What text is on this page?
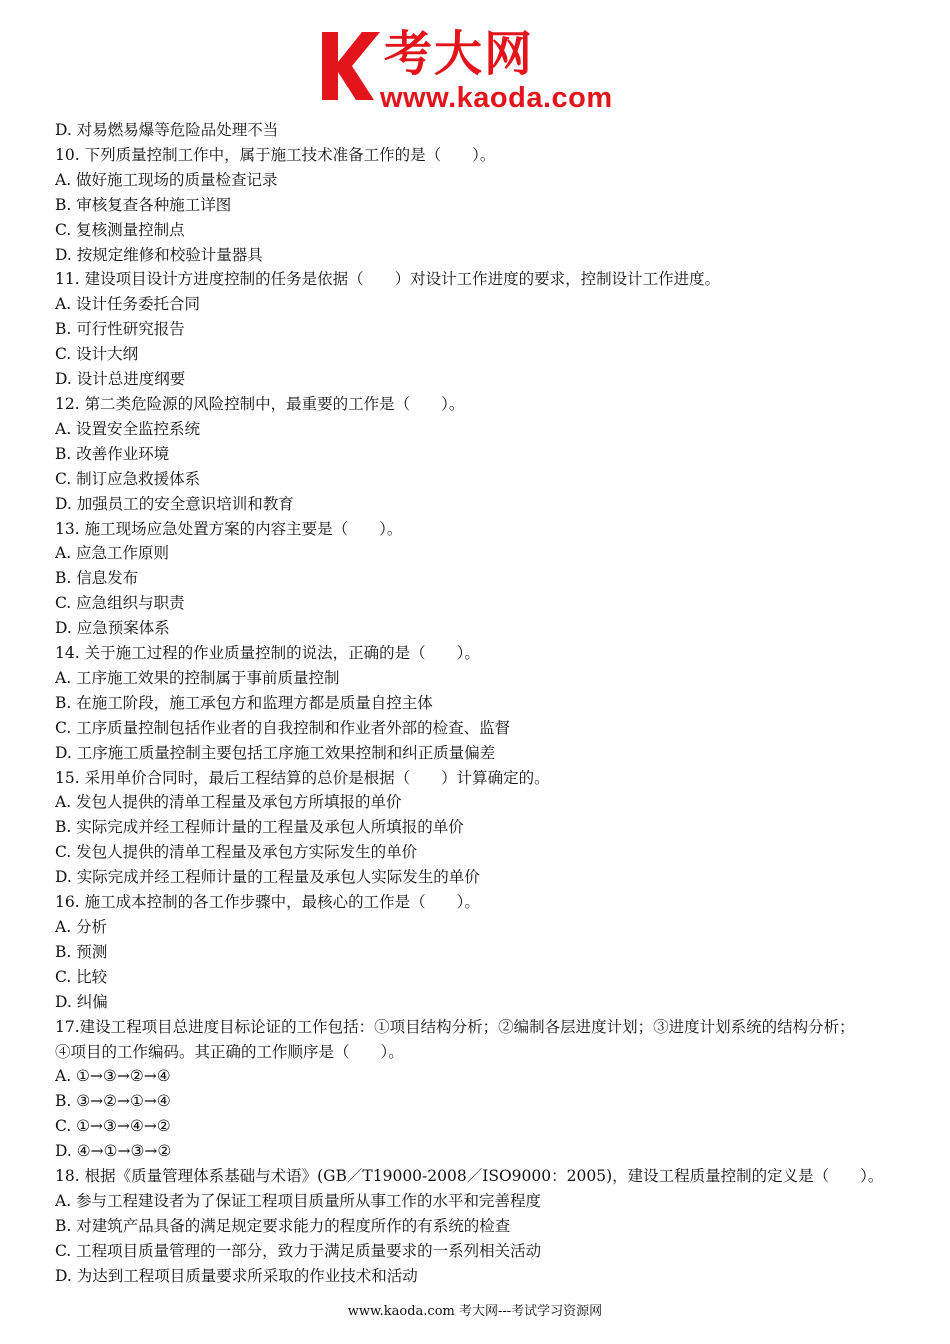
考大网
www.kaoda.com
D. 对易燃易爆等危险品处理不当
10. 下列质量控制工作中，属于施工技术准备工作的是（　　）。
A. 做好施工现场的质量检查记录
B. 审核复查各种施工详图
C. 复核测量控制点
D. 按规定维修和校验计量器具
11. 建设项目设计方进度控制的任务是依据（　　）对设计工作进度的要求，控制设计工作进度。
A. 设计任务委托合同
B. 可行性研究报告
C. 设计大纲
D. 设计总进度纲要
12. 第二类危险源的风险控制中，最重要的工作是（　　）。
A. 设置安全监控系统
B. 改善作业环境
C. 制订应急救援体系
D. 加强员工的安全意识培训和教育
13. 施工现场应急处置方案的内容主要是（　　）。
A. 应急工作原则
B. 信息发布
C. 应急组织与职责
D. 应急预案体系
14. 关于施工过程的作业质量控制的说法，正确的是（　　）。
A. 工序施工效果的控制属于事前质量控制
B. 在施工阶段，施工承包方和监理方都是质量自控主体
C. 工序质量控制包括作业者的自我控制和作业者外部的检查、监督
D. 工序施工质量控制主要包括工序施工效果控制和纠正质量偏差
15. 采用单价合同时，最后工程结算的总价是根据（　　）计算确定的。
A. 发包人提供的清单工程量及承包方所填报的单价
B. 实际完成并经工程师计量的工程量及承包人所填报的单价
C. 发包人提供的清单工程量及承包方实际发生的单价
D. 实际完成并经工程师计量的工程量及承包人实际发生的单价
16. 施工成本控制的各工作步骤中，最核心的工作是（　　）。
A. 分析
B. 预测
C. 比较
D. 纠偏
17.建设工程项目总进度目标论证的工作包括：①项目结构分析；②编制各层进度计划；③进度计划系统的结构分析；
④项目的工作编码。其正确的工作顺序是（　　）。
A. ①→③→②→④
B. ③→②→①→④
C. ①→③→④→②
D. ④→①→③→②
18. 根据《质量管理体系基础与术语》(GB／T19000-2008／ISO9000：2005)，建设工程质量控制的定义是（　　）。
A. 参与工程建设者为了保证工程项目质量所从事工作的水平和完善程度
B. 对建筑产品具备的满足规定要求能力的程度所作的有系统的检查
C. 工程项目质量管理的一部分，致力于满足质量要求的一系列相关活动
D. 为达到工程项目质量要求所采取的作业技术和活动
www.kaoda.com 考大网---考试学习资源网
